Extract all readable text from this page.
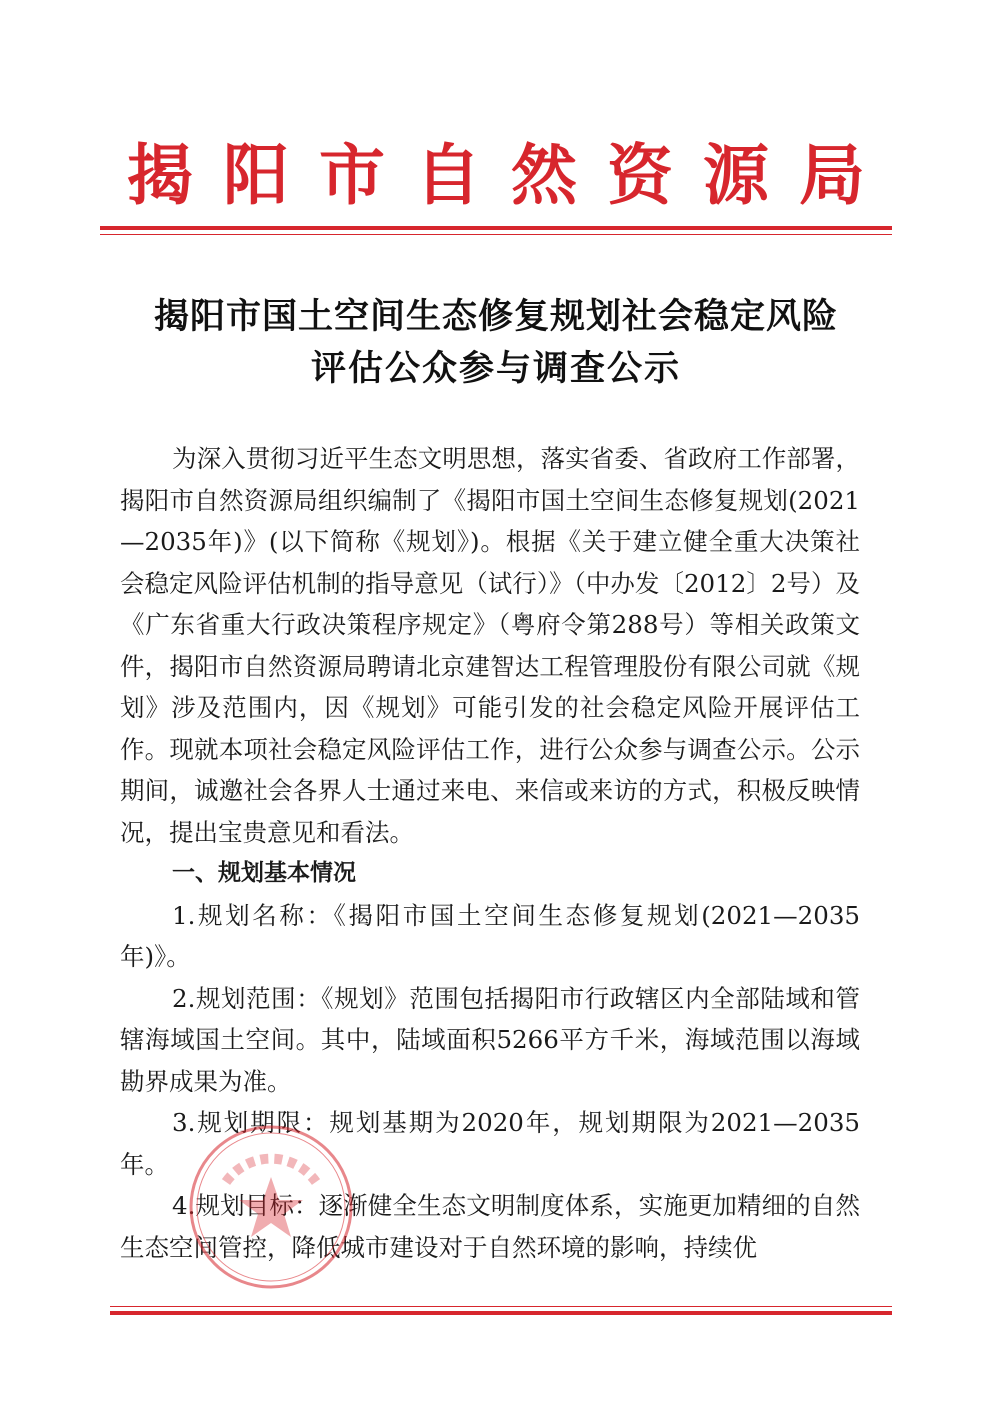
揭阳市自然资源局
揭阳市国土空间生态修复规划社会稳定风险
评估公众参与调查公示

为深入贯彻习近平生态文明思想，落实省委、省政府工作部署，揭阳市自然资源局组织编制了《揭阳市国土空间生态修复规划(2021—2035年)》(以下简称《规划》)。根据《关于建立健全重大决策社会稳定风险评估机制的指导意见（试行）》（中办发〔2012〕2号）及《广东省重大行政决策程序规定》（粤府令第288号）等相关政策文件，揭阳市自然资源局聘请北京建智达工程管理股份有限公司就《规划》涉及范围内，因《规划》可能引发的社会稳定风险开展评估工作。现就本项社会稳定风险评估工作，进行公众参与调查公示。公示期间，诚邀社会各界人士通过来电、来信或来访的方式，积极反映情况，提出宝贵意见和看法。

一、规划基本情况

1.规划名称：《揭阳市国土空间生态修复规划(2021—2035年)》。

2.规划范围：《规划》范围包括揭阳市行政辖区内全部陆域和管辖海域国土空间。其中，陆域面积5266平方千米，海域范围以海域勘界成果为准。

3.规划期限：规划基期为2020年，规划期限为2021—2035年。

4.规划目标：逐渐健全生态文明制度体系，实施更加精细的自然生态空间管控，降低城市建设对于自然环境的影响，持续优
